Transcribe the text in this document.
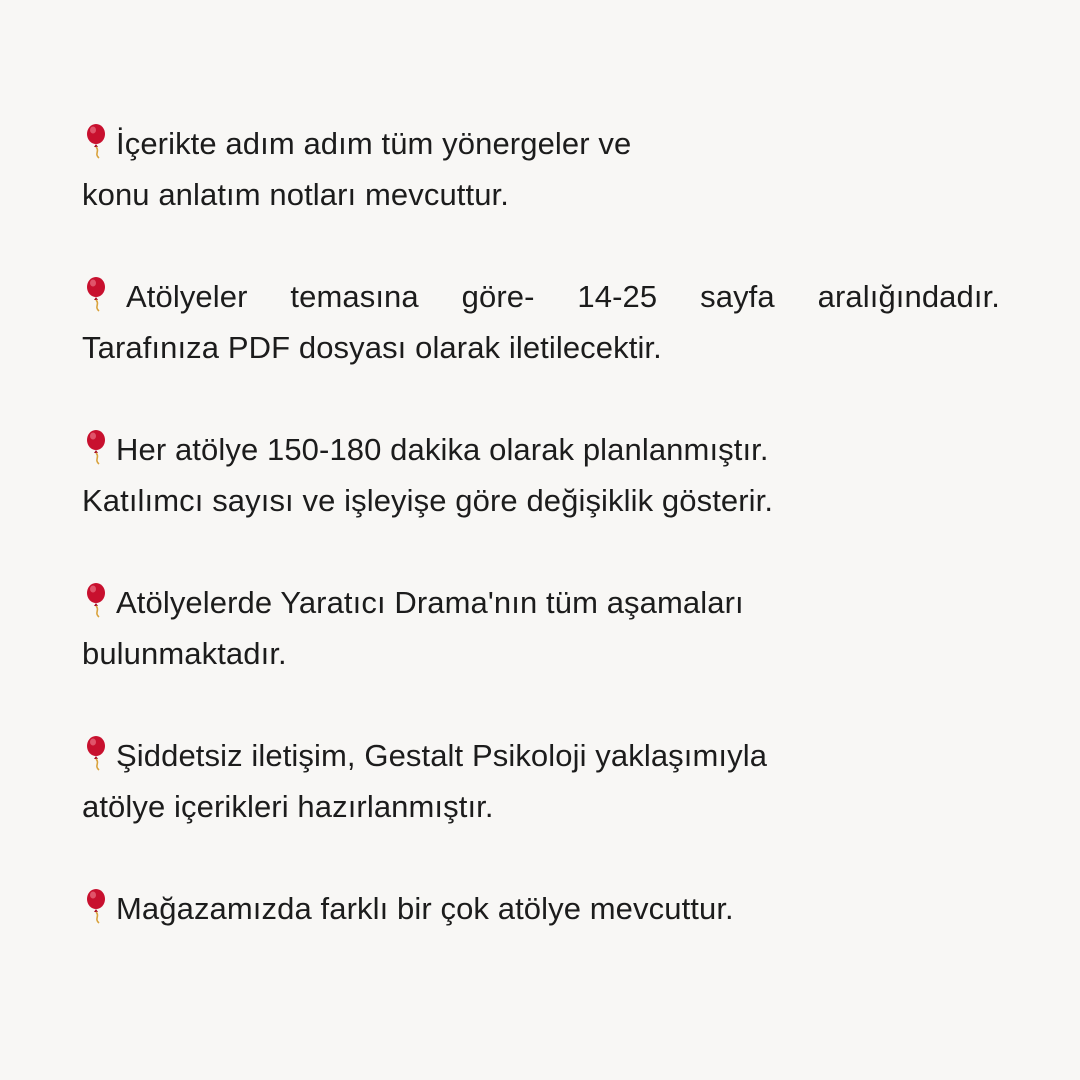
İçerikte adım adım tüm yönergeler ve
konu anlatım notları mevcuttur.
Atölyeler temasına göre- 14-25 sayfa aralığındadır.
Tarafınıza PDF dosyası olarak iletilecektir.
Her atölye 150-180 dakika olarak planlanmıştır.
Katılımcı sayısı ve işleyişe göre değişiklik gösterir.
Atölyelerde Yaratıcı Drama'nın tüm aşamaları
bulunmaktadır.
Şiddetsiz iletişim, Gestalt Psikoloji yaklaşımıyla
atölye içerikleri hazırlanmıştır.
Mağazamızda farklı bir çok atölye mevcuttur.
